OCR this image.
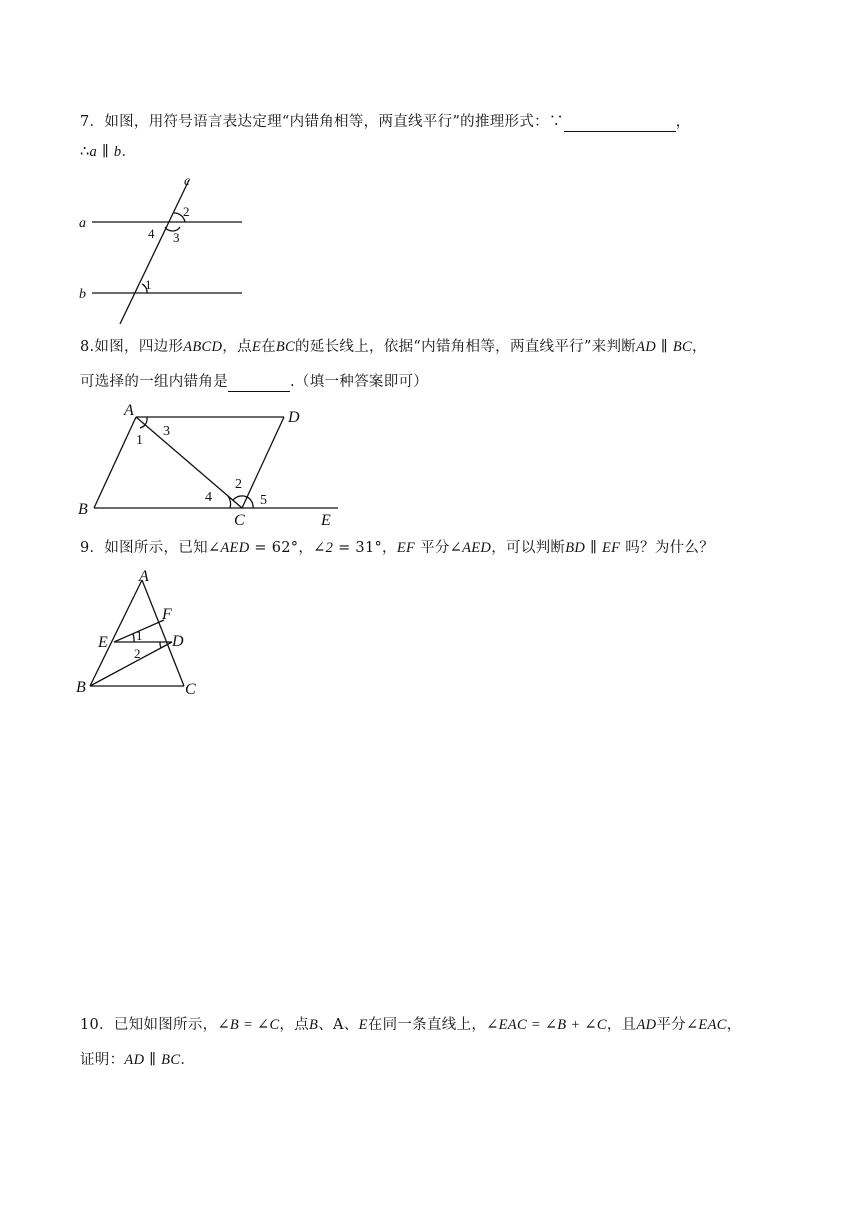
7．如图，用符号语言表达定理“内错角相等，两直线平行”的推理形式：∵	，
∴a ∥ b．
a
b
c
2
4 3
1
8.如图，四边形ABCD，点E在BC的延长线上，依据“内错角相等，两直线平行”来判断AD ∥ BC，
可选择的一组内错角是	.（填一种答案即可）
A	D
B
C	E
1
3
2
4	5
9．如图所示，已知∠AED = 62°，∠2 = 31°，EF 平分∠AED，可以判断BD ∥ EF 吗？为什么？
A
F
E	D
B	C
1
2
10．已知如图所示，∠B = ∠C，点B、A、E在同一条直线上，∠EAC = ∠B + ∠C，且AD平分∠EAC，
证明：AD ∥ BC．
